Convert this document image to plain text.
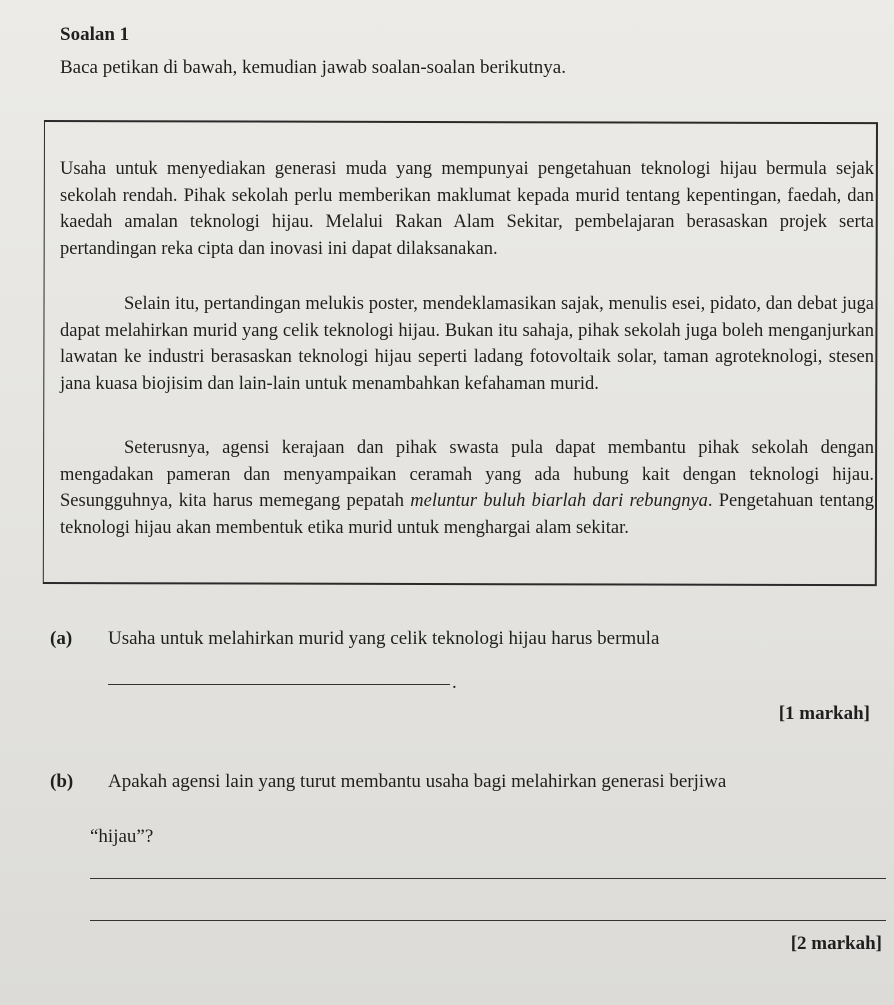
Soalan 1
Baca petikan di bawah, kemudian jawab soalan-soalan berikutnya.
Usaha untuk menyediakan generasi muda yang mempunyai pengetahuan teknologi hijau bermula sejak sekolah rendah. Pihak sekolah perlu memberikan maklumat kepada murid tentang kepentingan, faedah, dan kaedah amalan teknologi hijau. Melalui Rakan Alam Sekitar, pembelajaran berasaskan projek serta pertandingan reka cipta dan inovasi ini dapat dilaksanakan.
Selain itu, pertandingan melukis poster, mendeklamasikan sajak, menulis esei, pidato, dan debat juga dapat melahirkan murid yang celik teknologi hijau. Bukan itu sahaja, pihak sekolah juga boleh menganjurkan lawatan ke industri berasaskan teknologi hijau seperti ladang fotovoltaik solar, taman agroteknologi, stesen jana kuasa biojisim dan lain-lain untuk menambahkan kefahaman murid.
Seterusnya, agensi kerajaan dan pihak swasta pula dapat membantu pihak sekolah dengan mengadakan pameran dan menyampaikan ceramah yang ada hubung kait dengan teknologi hijau. Sesungguhnya, kita harus memegang pepatah meluntur buluh biarlah dari rebungnya. Pengetahuan tentang teknologi hijau akan membentuk etika murid untuk menghargai alam sekitar.
(a) Usaha untuk melahirkan murid yang celik teknologi hijau harus bermula
.
[1 markah]
(b) Apakah agensi lain yang turut membantu usaha bagi melahirkan generasi berjiwa
“hijau”?
[2 markah]
